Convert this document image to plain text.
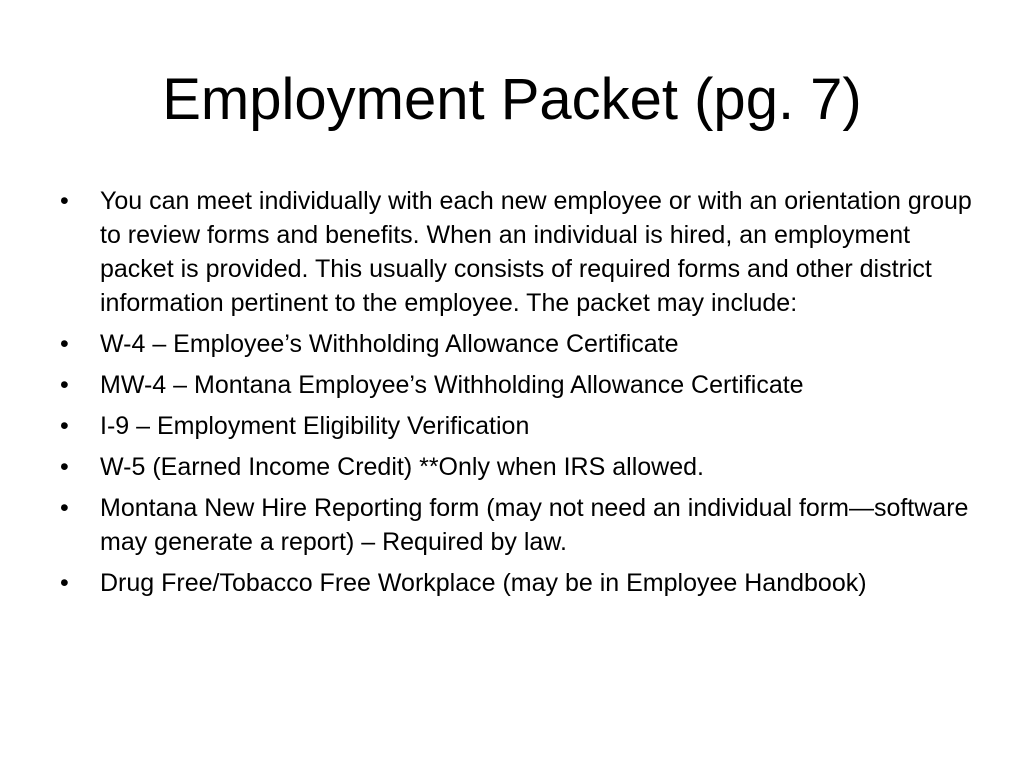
Employment Packet (pg. 7)
• You can meet individually with each new employee or with an orientation group to review forms and benefits. When an individual is hired, an employment packet is provided. This usually consists of required forms and other district information pertinent to the employee. The packet may include:
• W-4 – Employee’s Withholding Allowance Certificate
• MW-4 – Montana Employee’s Withholding Allowance Certificate
• I-9 – Employment Eligibility Verification
• W-5 (Earned Income Credit) **Only when IRS allowed.
• Montana New Hire Reporting form (may not need an individual form—software may generate a report) – Required by law.
• Drug Free/Tobacco Free Workplace (may be in Employee Handbook)
